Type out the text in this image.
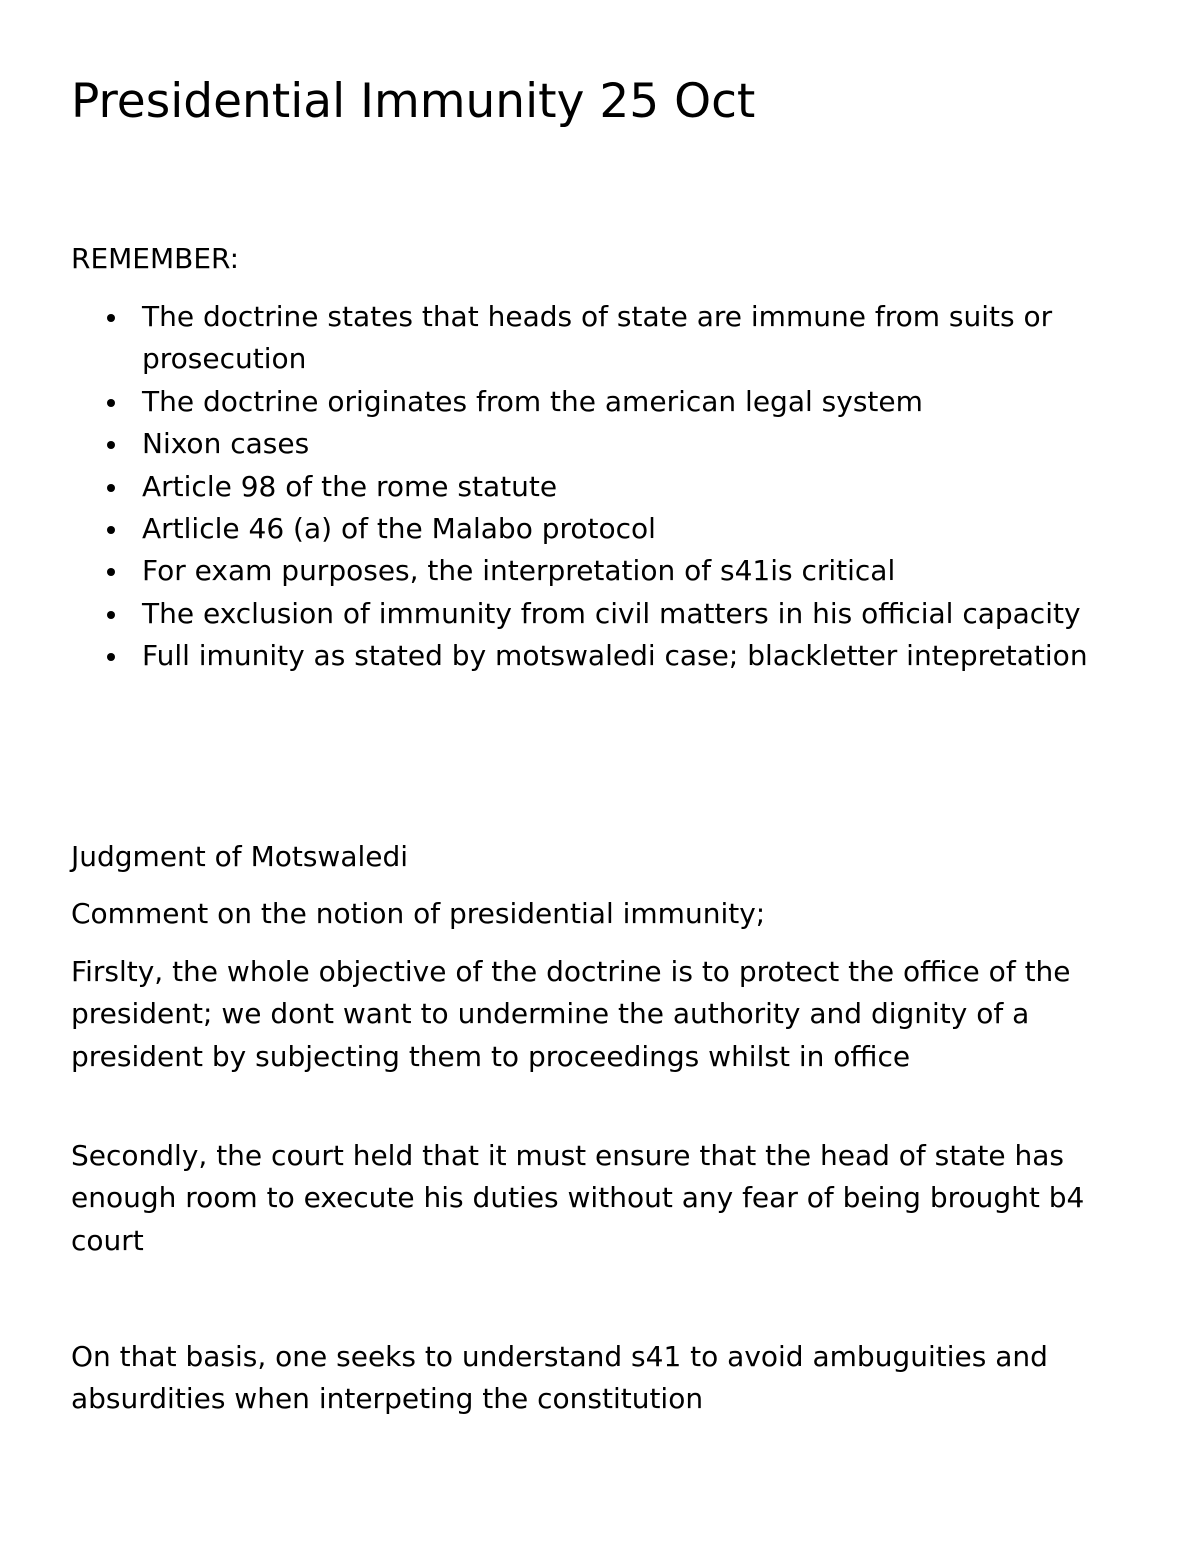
Presidential Immunity 25 Oct

REMEMBER:

The doctrine states that heads of state are immune from suits or prosecution
The doctrine originates from the american legal system
Nixon cases
Article 98 of the rome statute
Artlicle 46 (a) of the Malabo protocol
For exam purposes, the interpretation of s41is critical
The exclusion of immunity from civil matters in his official capacity
Full imunity as stated by motswaledi case; blackletter intepretation

Judgment of Motswaledi

Comment on the notion of presidential immunity;

Firslty, the whole objective of the doctrine is to protect the office of the president; we dont want to undermine the authority and dignity of a president by subjecting them to proceedings whilst in office

Secondly, the court held that it must ensure that the head of state has enough room to execute his duties without any fear of being brought b4 court

On that basis, one seeks to understand s41 to avoid ambuguities and absurdities when interpeting the constitution
